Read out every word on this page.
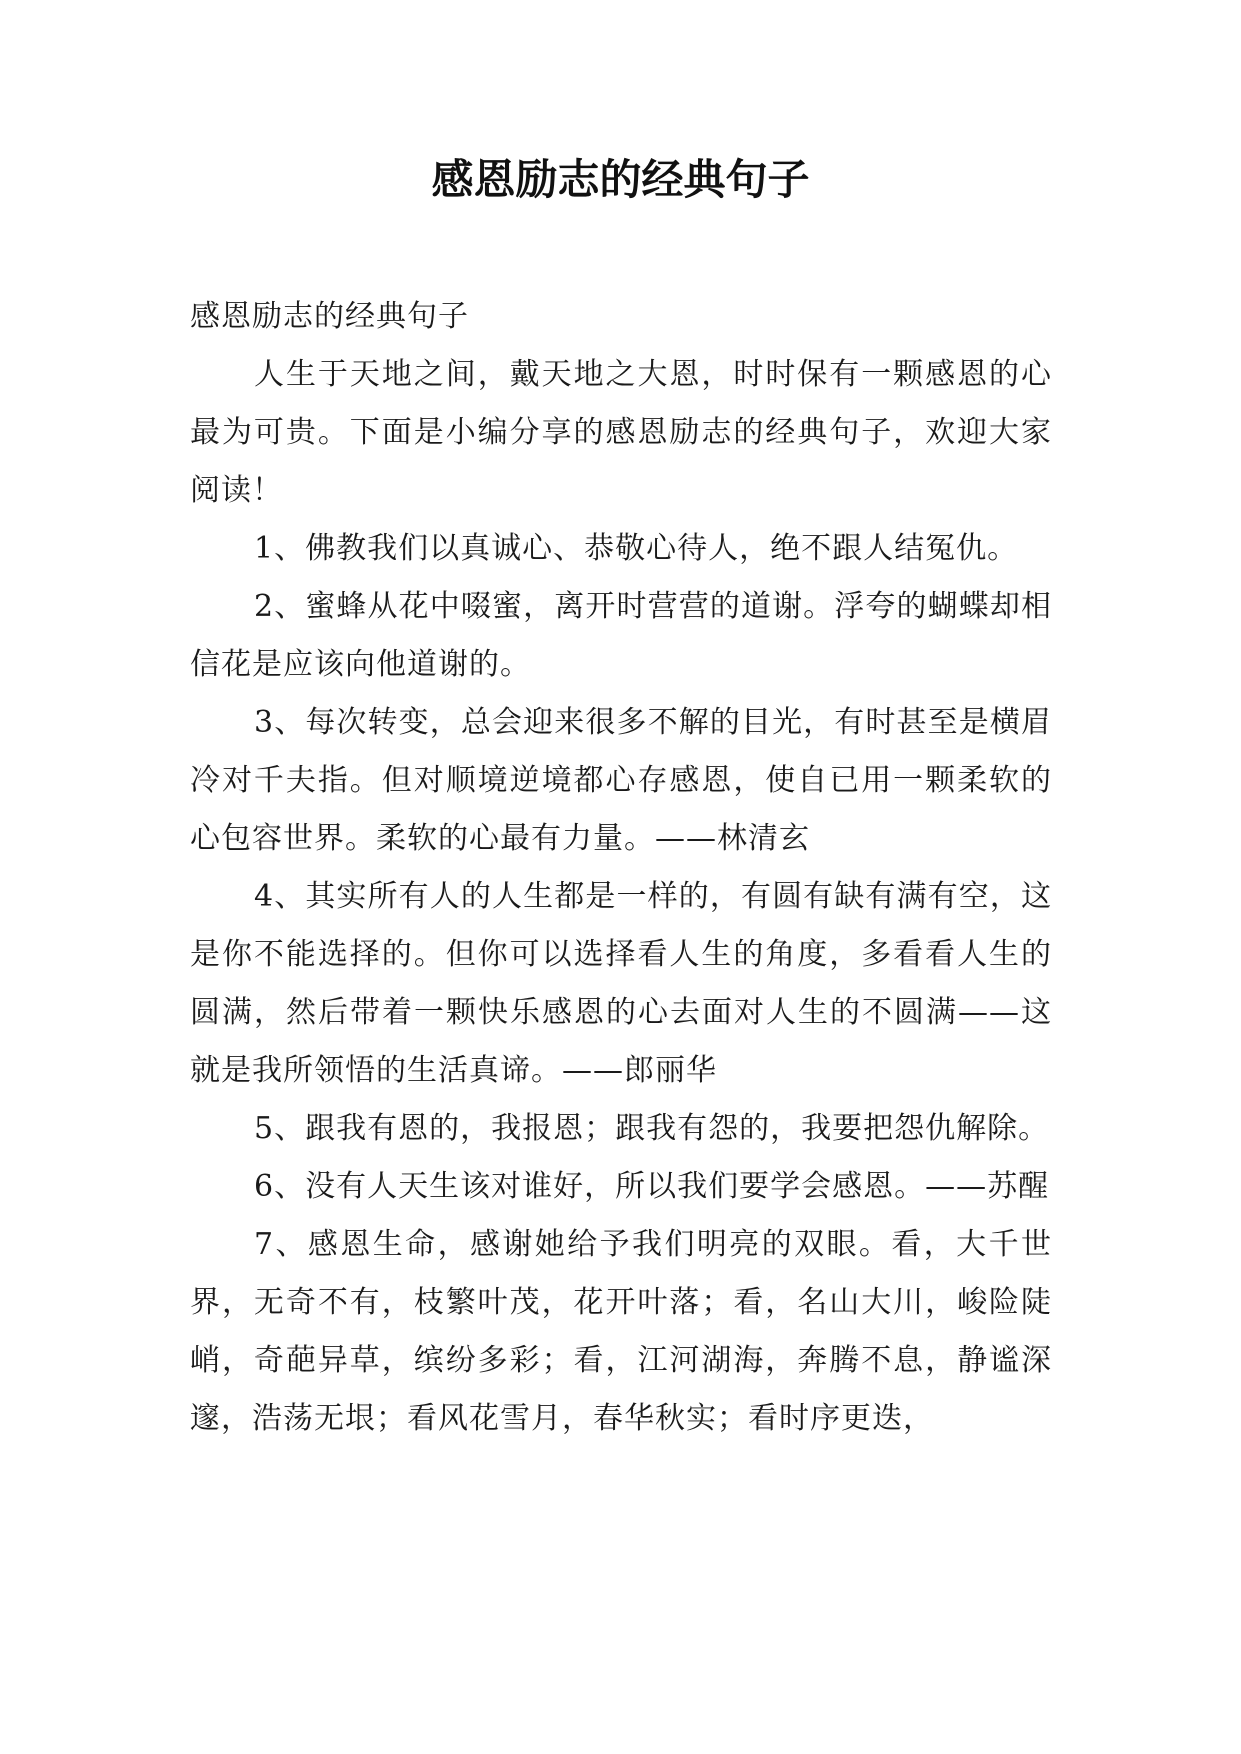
感恩励志的经典句子

感恩励志的经典句子

人生于天地之间，戴天地之大恩，时时保有一颗感恩的心最为可贵。下面是小编分享的感恩励志的经典句子，欢迎大家阅读！

1、佛教我们以真诚心、恭敬心待人，绝不跟人结冤仇。

2、蜜蜂从花中啜蜜，离开时营营的道谢。浮夸的蝴蝶却相信花是应该向他道谢的。

3、每次转变，总会迎来很多不解的目光，有时甚至是横眉冷对千夫指。但对顺境逆境都心存感恩，使自已用一颗柔软的心包容世界。柔软的心最有力量。——林清玄

4、其实所有人的人生都是一样的，有圆有缺有满有空，这是你不能选择的。但你可以选择看人生的角度，多看看人生的圆满，然后带着一颗快乐感恩的心去面对人生的不圆满——这就是我所领悟的生活真谛。——郎丽华

5、跟我有恩的，我报恩；跟我有怨的，我要把怨仇解除。

6、没有人天生该对谁好，所以我们要学会感恩。——苏醒

7、感恩生命，感谢她给予我们明亮的双眼。看，大千世界，无奇不有，枝繁叶茂，花开叶落；看，名山大川，峻险陡峭，奇葩异草，缤纷多彩；看，江河湖海，奔腾不息，静谧深邃，浩荡无垠；看风花雪月，春华秋实；看时序更迭，
